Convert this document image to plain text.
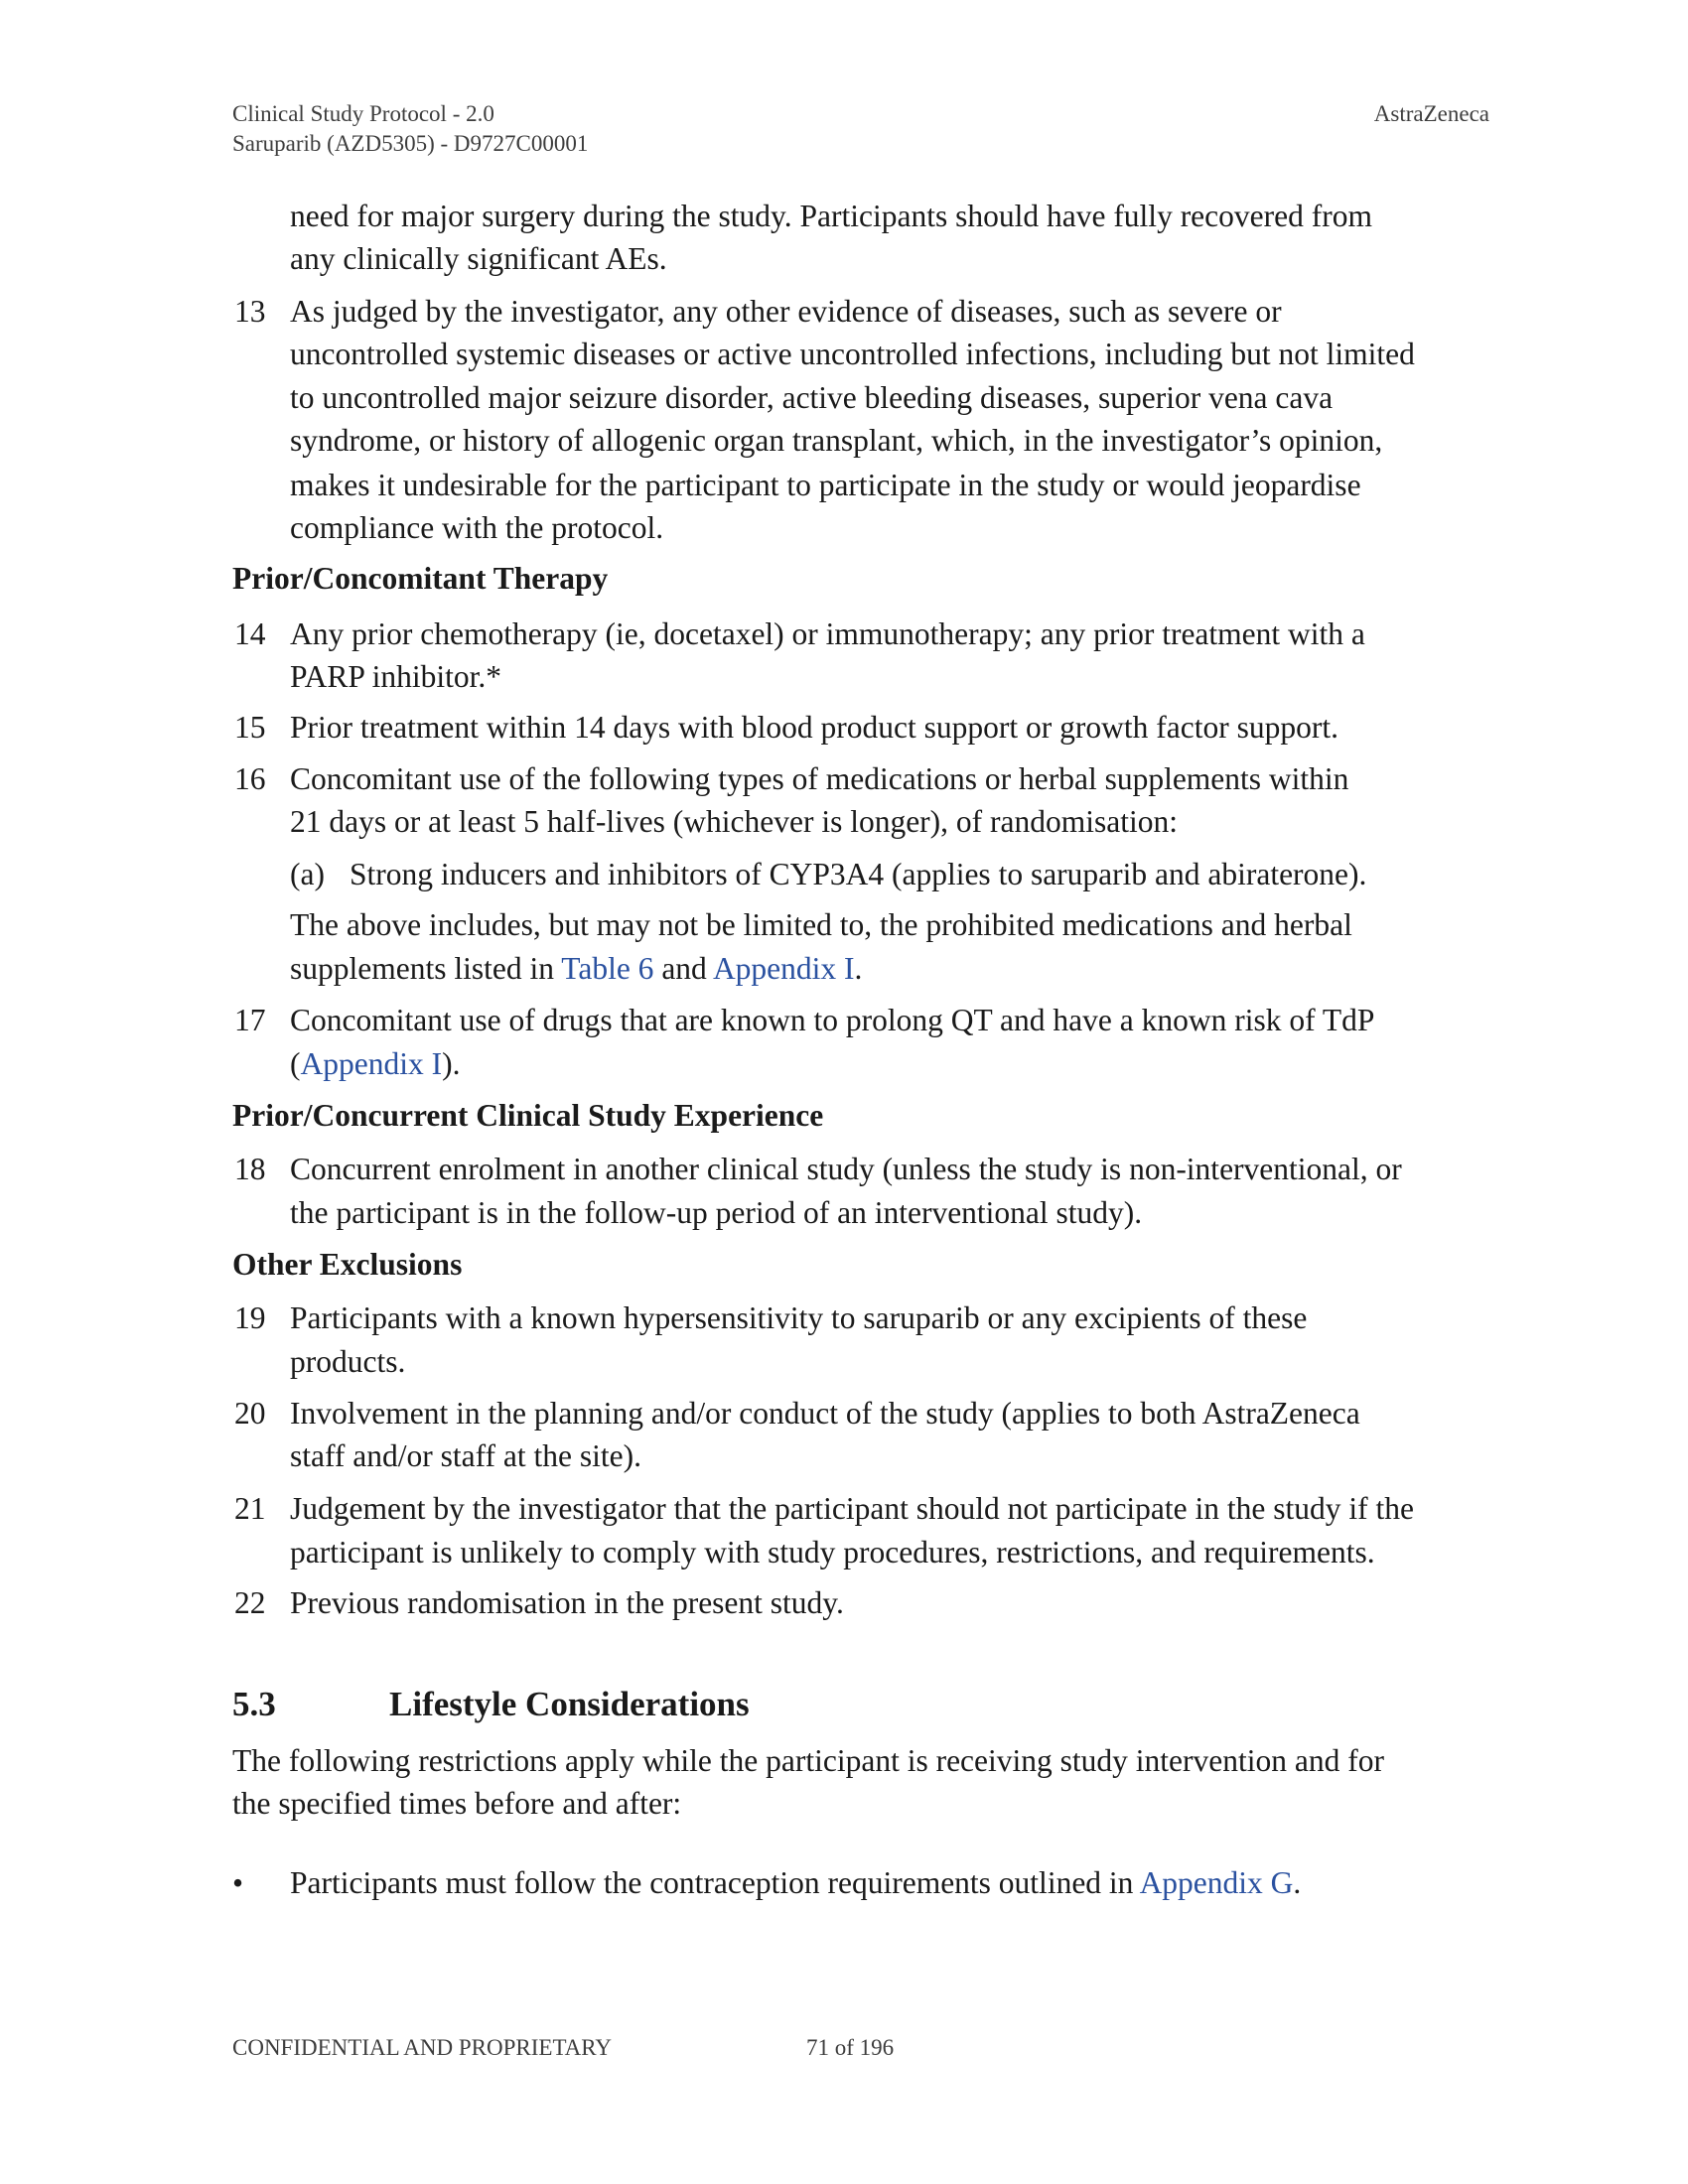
Clinical Study Protocol - 2.0
Saruparib (AZD5305) - D9727C00001
AstraZeneca
need for major surgery during the study. Participants should have fully recovered from
any clinically significant AEs.
13 As judged by the investigator, any other evidence of diseases, such as severe or
uncontrolled systemic diseases or active uncontrolled infections, including but not limited
to uncontrolled major seizure disorder, active bleeding diseases, superior vena cava
syndrome, or history of allogenic organ transplant, which, in the investigator’s opinion,
makes it undesirable for the participant to participate in the study or would jeopardise
compliance with the protocol.
Prior/Concomitant Therapy
14 Any prior chemotherapy (ie, docetaxel) or immunotherapy; any prior treatment with a
PARP inhibitor.*
15 Prior treatment within 14 days with blood product support or growth factor support.
16 Concomitant use of the following types of medications or herbal supplements within
21 days or at least 5 half-lives (whichever is longer), of randomisation:
(a) Strong inducers and inhibitors of CYP3A4 (applies to saruparib and abiraterone).
The above includes, but may not be limited to, the prohibited medications and herbal
supplements listed in Table 6 and Appendix I.
17 Concomitant use of drugs that are known to prolong QT and have a known risk of TdP
(Appendix I).
Prior/Concurrent Clinical Study Experience
18 Concurrent enrolment in another clinical study (unless the study is non-interventional, or
the participant is in the follow-up period of an interventional study).
Other Exclusions
19 Participants with a known hypersensitivity to saruparib or any excipients of these
products.
20 Involvement in the planning and/or conduct of the study (applies to both AstraZeneca
staff and/or staff at the site).
21 Judgement by the investigator that the participant should not participate in the study if the
participant is unlikely to comply with study procedures, restrictions, and requirements.
22 Previous randomisation in the present study.
5.3	Lifestyle Considerations
The following restrictions apply while the participant is receiving study intervention and for
the specified times before and after:
• Participants must follow the contraception requirements outlined in Appendix G.
CONFIDENTIAL AND PROPRIETARY	71 of 196
